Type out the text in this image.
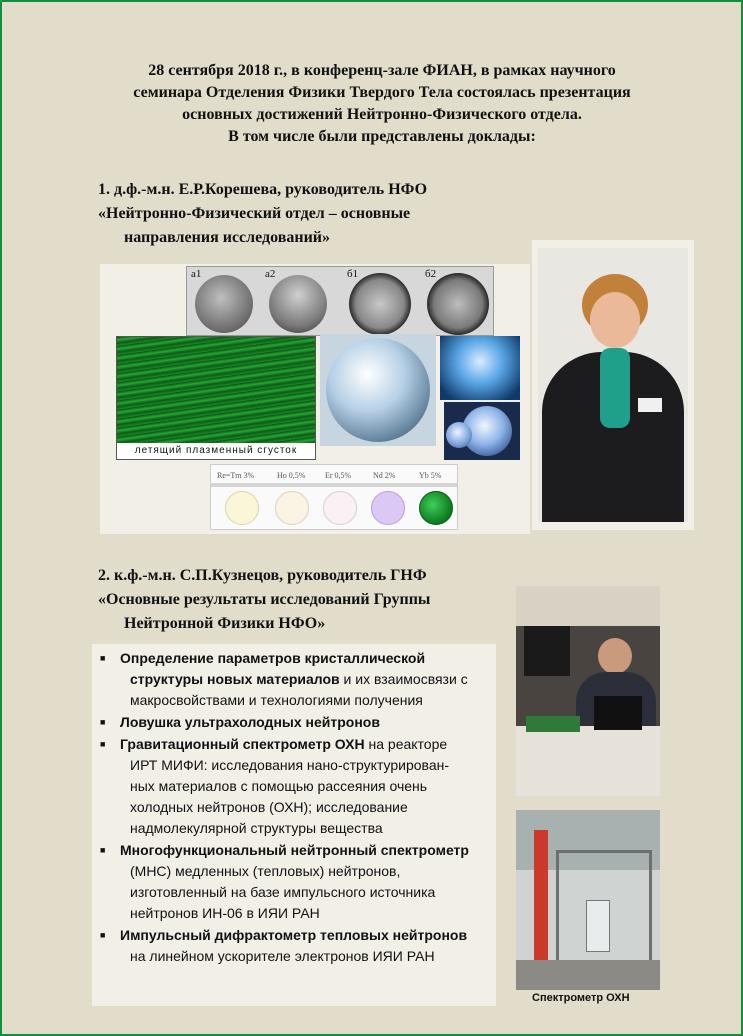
28 сентября 2018 г., в конференц-зале ФИАН, в рамках научного
семинара Отделения Физики Твердого Тела состоялась презентация
основных достижений Нейтронно-Физического отдела.
В том числе были представлены доклады:
1. д.ф.-м.н. Е.Р.Корешева, руководитель НФО
«Нейтронно-Физический отдел – основные
направления исследований»
а1	а2	б1	б2
летящий плазменный сгусток
Re=Tm 3%	Ho 0,5% Er 0,5%	Nd 2%	Yb 5%
2. к.ф.-м.н. С.П.Кузнецов, руководитель ГНФ
«Основные результаты исследований Группы
Нейтронной Физики НФО»
■ Определение параметров кристаллической
структуры новых материалов и их взаимосвязи с
макросвойствами и технологиями получения
■ Ловушка ультрахолодных нейтронов
■ Гравитационный спектрометр ОХН на реакторе
ИРТ МИФИ: исследования нано-структурирован-
ных материалов с помощью рассеяния очень
холодных нейтронов (ОХН); исследование
надмолекулярной структуры вещества
■ Многофункциональный нейтронный спектрометр
(МНС) медленных (тепловых) нейтронов,
изготовленный на базе импульсного источника
нейтронов ИН-06 в ИЯИ РАН
■ Импульсный дифрактометр тепловых нейтронов
на линейном ускорителе электронов ИЯИ РАН
Спектрометр ОХН
